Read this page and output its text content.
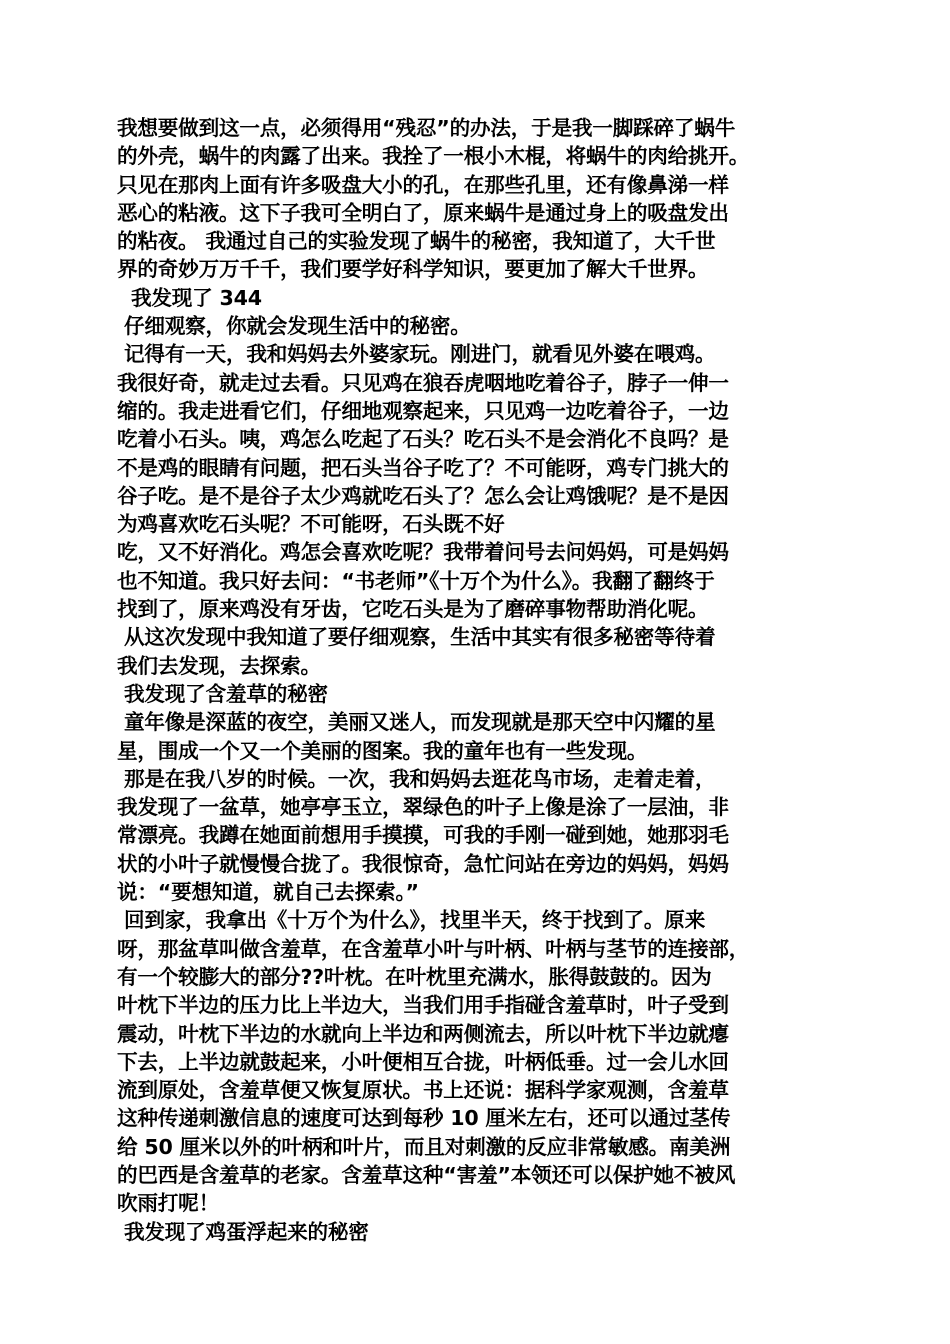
我想要做到这一点，必须得用“残忍”的办法，于是我一脚踩碎了蜗牛
的外壳，蜗牛的肉露了出来。我拴了一根小木棍，将蜗牛的肉给挑开。
只见在那肉上面有许多吸盘大小的孔，在那些孔里，还有像鼻涕一样
恶心的粘液。这下子我可全明白了，原来蜗牛是通过身上的吸盘发出
的粘夜。 我通过自己的实验发现了蜗牛的秘密，我知道了，大千世
界的奇妙万万千千，我们要学好科学知识，要更加了解大千世界。
我发现了 344
仔细观察，你就会发现生活中的秘密。
记得有一天，我和妈妈去外婆家玩。刚进门，就看见外婆在喂鸡。
我很好奇，就走过去看。只见鸡在狼吞虎咽地吃着谷子，脖子一伸一
缩的。我走进看它们，仔细地观察起来，只见鸡一边吃着谷子，一边
吃着小石头。咦，鸡怎么吃起了石头？吃石头不是会消化不良吗？是
不是鸡的眼睛有问题，把石头当谷子吃了？不可能呀，鸡专门挑大的
谷子吃。是不是谷子太少鸡就吃石头了？怎么会让鸡饿呢？是不是因
为鸡喜欢吃石头呢？不可能呀，石头既不好
吃，又不好消化。鸡怎会喜欢吃呢？我带着问号去问妈妈，可是妈妈
也不知道。我只好去问：“书老师”《十万个为什么》。我翻了翻终于
找到了，原来鸡没有牙齿，它吃石头是为了磨碎事物帮助消化呢。
从这次发现中我知道了要仔细观察，生活中其实有很多秘密等待着
我们去发现，去探索。
我发现了含羞草的秘密
童年像是深蓝的夜空，美丽又迷人，而发现就是那天空中闪耀的星
星，围成一个又一个美丽的图案。我的童年也有一些发现。
那是在我八岁的时候。一次，我和妈妈去逛花鸟市场，走着走着，
我发现了一盆草，她亭亭玉立，翠绿色的叶子上像是涂了一层油，非
常漂亮。我蹲在她面前想用手摸摸，可我的手刚一碰到她，她那羽毛
状的小叶子就慢慢合拢了。我很惊奇，急忙问站在旁边的妈妈，妈妈
说：“要想知道，就自己去探索。”
回到家，我拿出《十万个为什么》，找里半天，终于找到了。原来
呀，那盆草叫做含羞草，在含羞草小叶与叶柄、叶柄与茎节的连接部，
有一个较膨大的部分??叶枕。在叶枕里充满水，胀得鼓鼓的。因为
叶枕下半边的压力比上半边大，当我们用手指碰含羞草时，叶子受到
震动，叶枕下半边的水就向上半边和两侧流去，所以叶枕下半边就瘪
下去，上半边就鼓起来，小叶便相互合拢，叶柄低垂。过一会儿水回
流到原处，含羞草便又恢复原状。书上还说：据科学家观测，含羞草
这种传递刺激信息的速度可达到每秒 10 厘米左右，还可以通过茎传
给 50 厘米以外的叶柄和叶片，而且对刺激的反应非常敏感。南美洲
的巴西是含羞草的老家。含羞草这种“害羞”本领还可以保护她不被风
吹雨打呢！
我发现了鸡蛋浮起来的秘密
